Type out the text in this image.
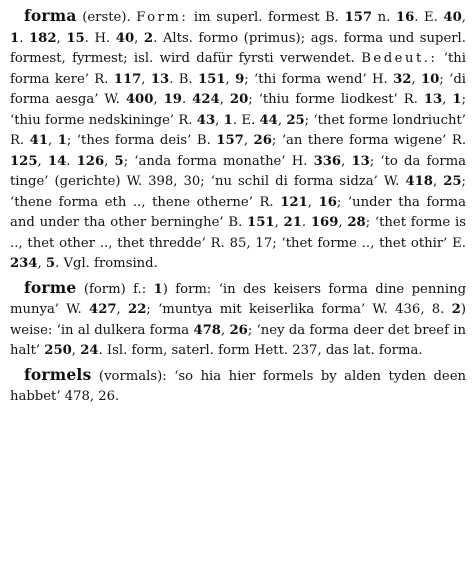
forma (erste). Form: im superl. formest B. 157 n. 16. E. 40, 1. 182, 15. H. 40, 2. Alts. formo (primus); ags. forma und superl. formest, fyrmest; isl. wird dafür fyrsti verwendet. Bedeut.: ‘thi forma kere’ R. 117, 13. B. 151, 9; ‘thi forma wend’ H. 32, 10; ‘di forma aesga’ W. 400, 19. 424, 20; ‘thiu forme liodkest’ R. 13, 1; ‘thiu forme nedskininge’ R. 43, 1. E. 44, 25; ‘thet forme londriucht’ R. 41, 1; ‘thes forma deis’ B. 157, 26; ‘an there forma wigene’ R. 125, 14. 126, 5; ‘anda forma monathe’ H. 336, 13; ‘to da forma tinge’ (gerichte) W. 398, 30; ‘nu schil di forma sidza’ W. 418, 25; ‘thene forma eth .., thene otherne’ R. 121, 16; ‘under tha forma and under tha other berninghe’ B. 151, 21. 169, 28; ‘thet forme is .., thet other .., thet thredde’ R. 85, 17; ‘thet forme .., thet othir’ E. 234, 5. Vgl. fromsind.

forme (form) f.: 1) form: ‘in des keisers forma dine penning munya’ W. 427, 22; ‘muntya mit keiserlika forma’ W. 436, 8. 2) weise: ‘in al dulkera forma 478, 26; ‘ney da forma deer det breef in halt’ 250, 24. Isl. form, saterl. form Hett. 237, das lat. forma.

formels (vormals): ‘so hia hier formels by alden tyden deen habbet’ 478, 26.
